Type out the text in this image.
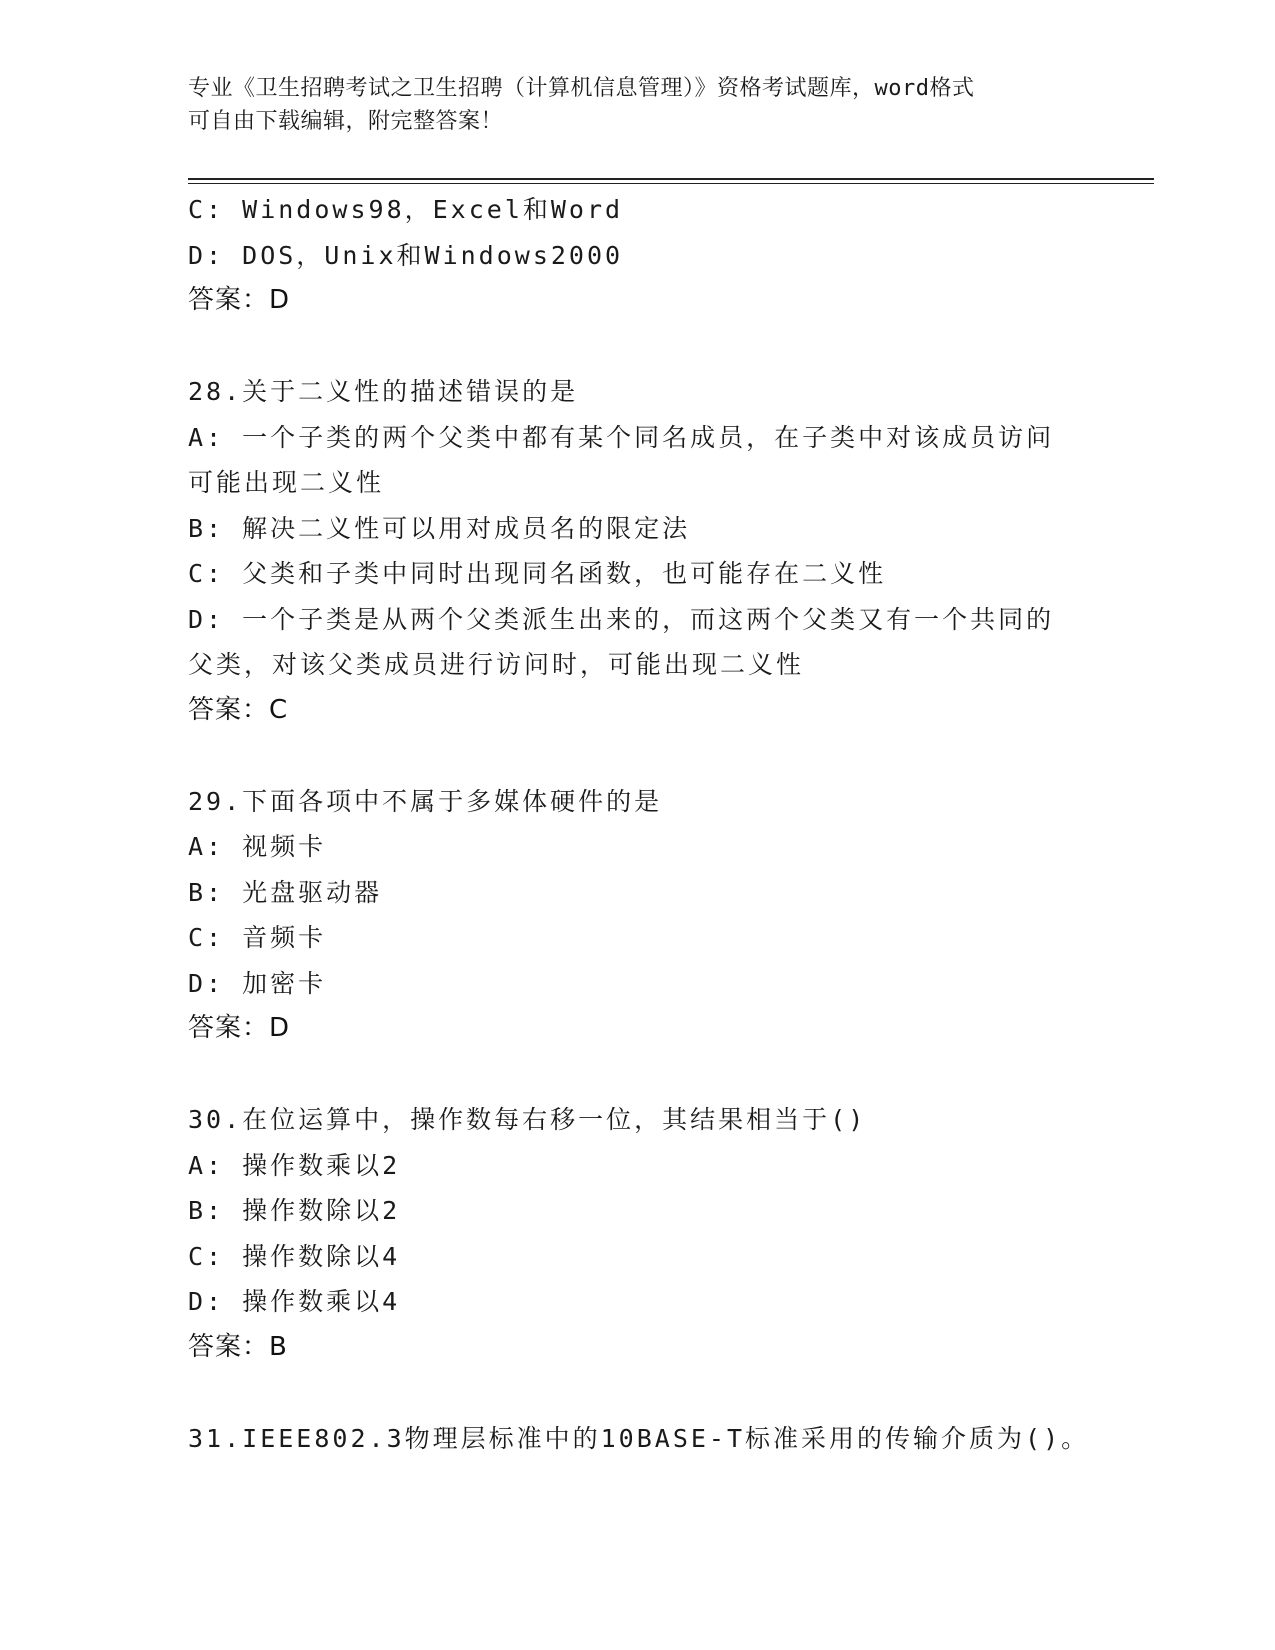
专业《卫生招聘考试之卫生招聘（计算机信息管理）》资格考试题库，word格式
可自由下载编辑，附完整答案！
C: Windows98，Excel和Word
D: DOS，Unix和Windows2000
答案：D
28.关于二义性的描述错误的是
A: 一个子类的两个父类中都有某个同名成员，在子类中对该成员访问
可能出现二义性
B: 解决二义性可以用对成员名的限定法
C: 父类和子类中同时出现同名函数，也可能存在二义性
D: 一个子类是从两个父类派生出来的，而这两个父类又有一个共同的
父类，对该父类成员进行访问时，可能出现二义性
答案：C
29.下面各项中不属于多媒体硬件的是
A: 视频卡
B: 光盘驱动器
C: 音频卡
D: 加密卡
答案：D
30.在位运算中，操作数每右移一位，其结果相当于()
A: 操作数乘以2
B: 操作数除以2
C: 操作数除以4
D: 操作数乘以4
答案：B
31.IEEE802.3物理层标准中的10BASE-T标准采用的传输介质为()。
